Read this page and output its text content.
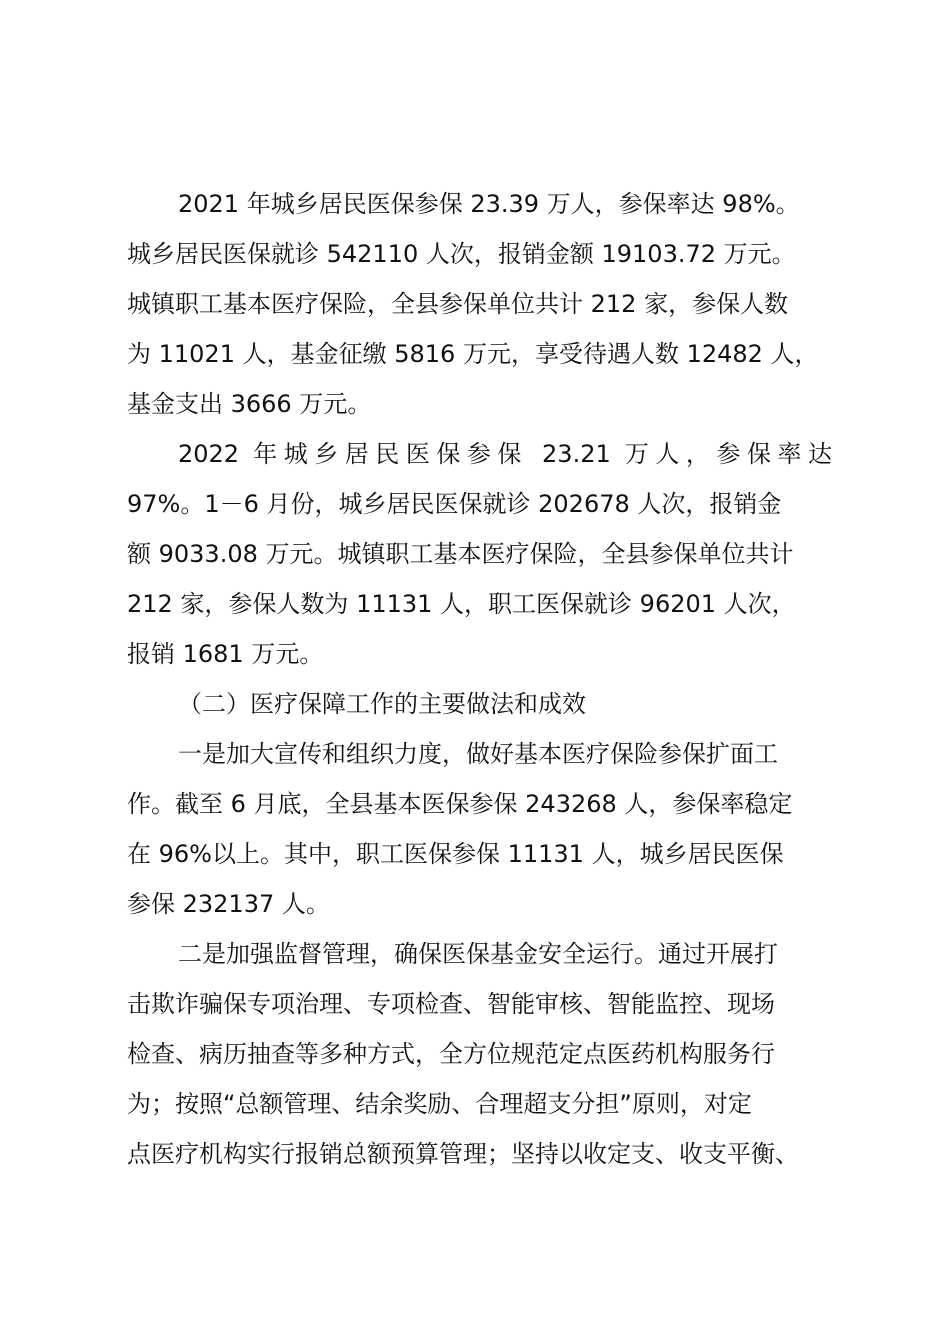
2021 年城乡居民医保参保 23.39 万人，参保率达 98%。
城乡居民医保就诊 542110 人次，报销金额 19103.72 万元。
城镇职工基本医疗保险，全县参保单位共计 212 家，参保人数
为 11021 人，基金征缴 5816 万元，享受待遇人数 12482 人，
基金支出 3666 万元。
2022 年城乡居民医保参保 23.21 万人，参保率达
97%。1－6 月份，城乡居民医保就诊 202678 人次，报销金
额 9033.08 万元。城镇职工基本医疗保险，全县参保单位共计
212 家，参保人数为 11131 人，职工医保就诊 96201 人次，
报销 1681 万元。
（二）医疗保障工作的主要做法和成效
一是加大宣传和组织力度，做好基本医疗保险参保扩面工
作。截至 6 月底，全县基本医保参保 243268 人，参保率稳定
在 96%以上。其中，职工医保参保 11131 人，城乡居民医保
参保 232137 人。
二是加强监督管理，确保医保基金安全运行。通过开展打
击欺诈骗保专项治理、专项检查、智能审核、智能监控、现场
检查、病历抽查等多种方式，全方位规范定点医药机构服务行
为；按照“总额管理、结余奖励、合理超支分担”原则，对定
点医疗机构实行报销总额预算管理；坚持以收定支、收支平衡、
